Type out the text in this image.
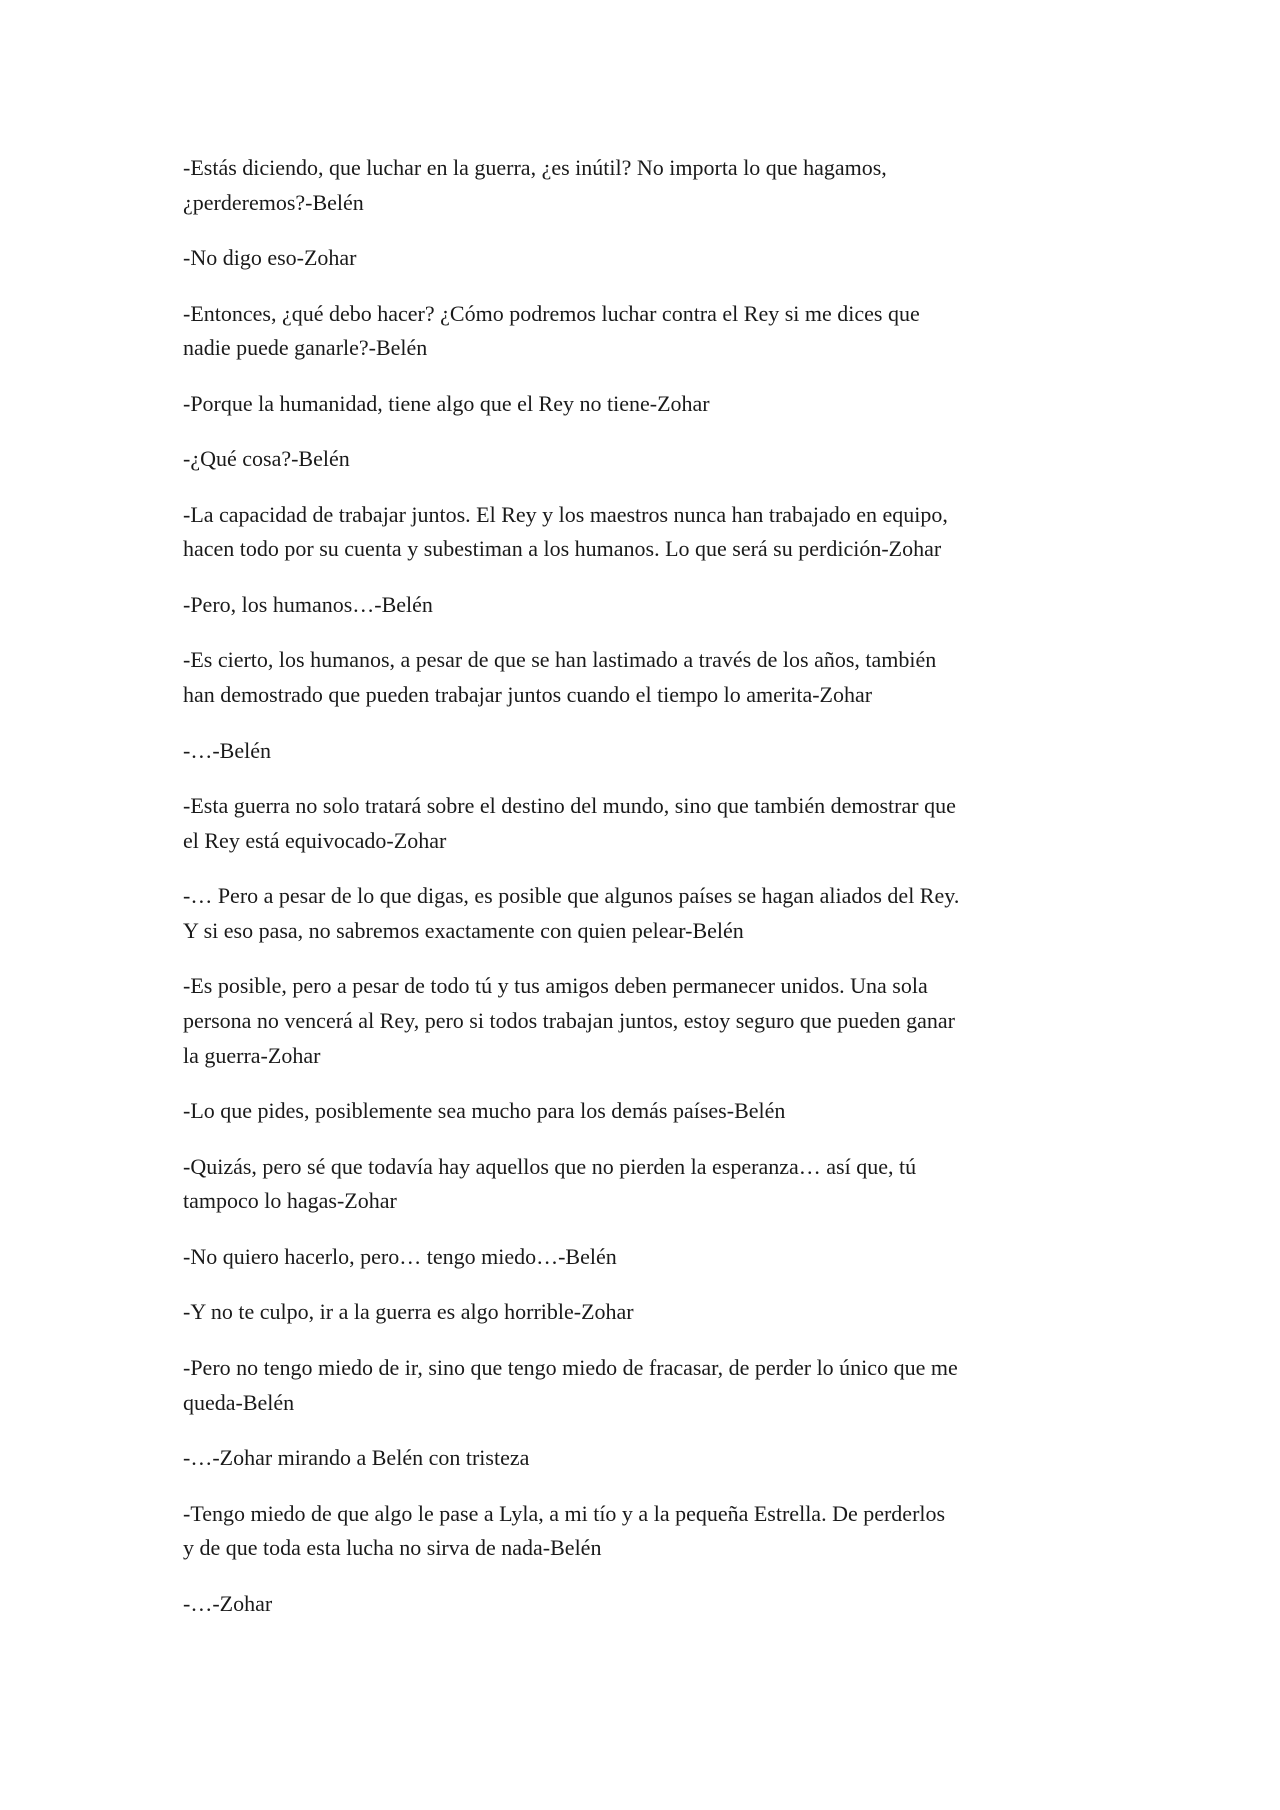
-Estás diciendo, que luchar en la guerra, ¿es inútil? No importa lo que hagamos,
¿perderemos?-Belén

-No digo eso-Zohar

-Entonces, ¿qué debo hacer? ¿Cómo podremos luchar contra el Rey si me dices que
nadie puede ganarle?-Belén

-Porque la humanidad, tiene algo que el Rey no tiene-Zohar

-¿Qué cosa?-Belén

-La capacidad de trabajar juntos. El Rey y los maestros nunca han trabajado en equipo,
hacen todo por su cuenta y subestiman a los humanos. Lo que será su perdición-Zohar

-Pero, los humanos…-Belén

-Es cierto, los humanos, a pesar de que se han lastimado a través de los años, también
han demostrado que pueden trabajar juntos cuando el tiempo lo amerita-Zohar

-…-Belén

-Esta guerra no solo tratará sobre el destino del mundo, sino que también demostrar que
el Rey está equivocado-Zohar

-… Pero a pesar de lo que digas, es posible que algunos países se hagan aliados del Rey.
Y si eso pasa, no sabremos exactamente con quien pelear-Belén

-Es posible, pero a pesar de todo tú y tus amigos deben permanecer unidos. Una sola
persona no vencerá al Rey, pero si todos trabajan juntos, estoy seguro que pueden ganar
la guerra-Zohar

-Lo que pides, posiblemente sea mucho para los demás países-Belén

-Quizás, pero sé que todavía hay aquellos que no pierden la esperanza… así que, tú
tampoco lo hagas-Zohar

-No quiero hacerlo, pero… tengo miedo…-Belén

-Y no te culpo, ir a la guerra es algo horrible-Zohar

-Pero no tengo miedo de ir, sino que tengo miedo de fracasar, de perder lo único que me
queda-Belén

-…-Zohar mirando a Belén con tristeza

-Tengo miedo de que algo le pase a Lyla, a mi tío y a la pequeña Estrella. De perderlos
y de que toda esta lucha no sirva de nada-Belén

-…-Zohar
